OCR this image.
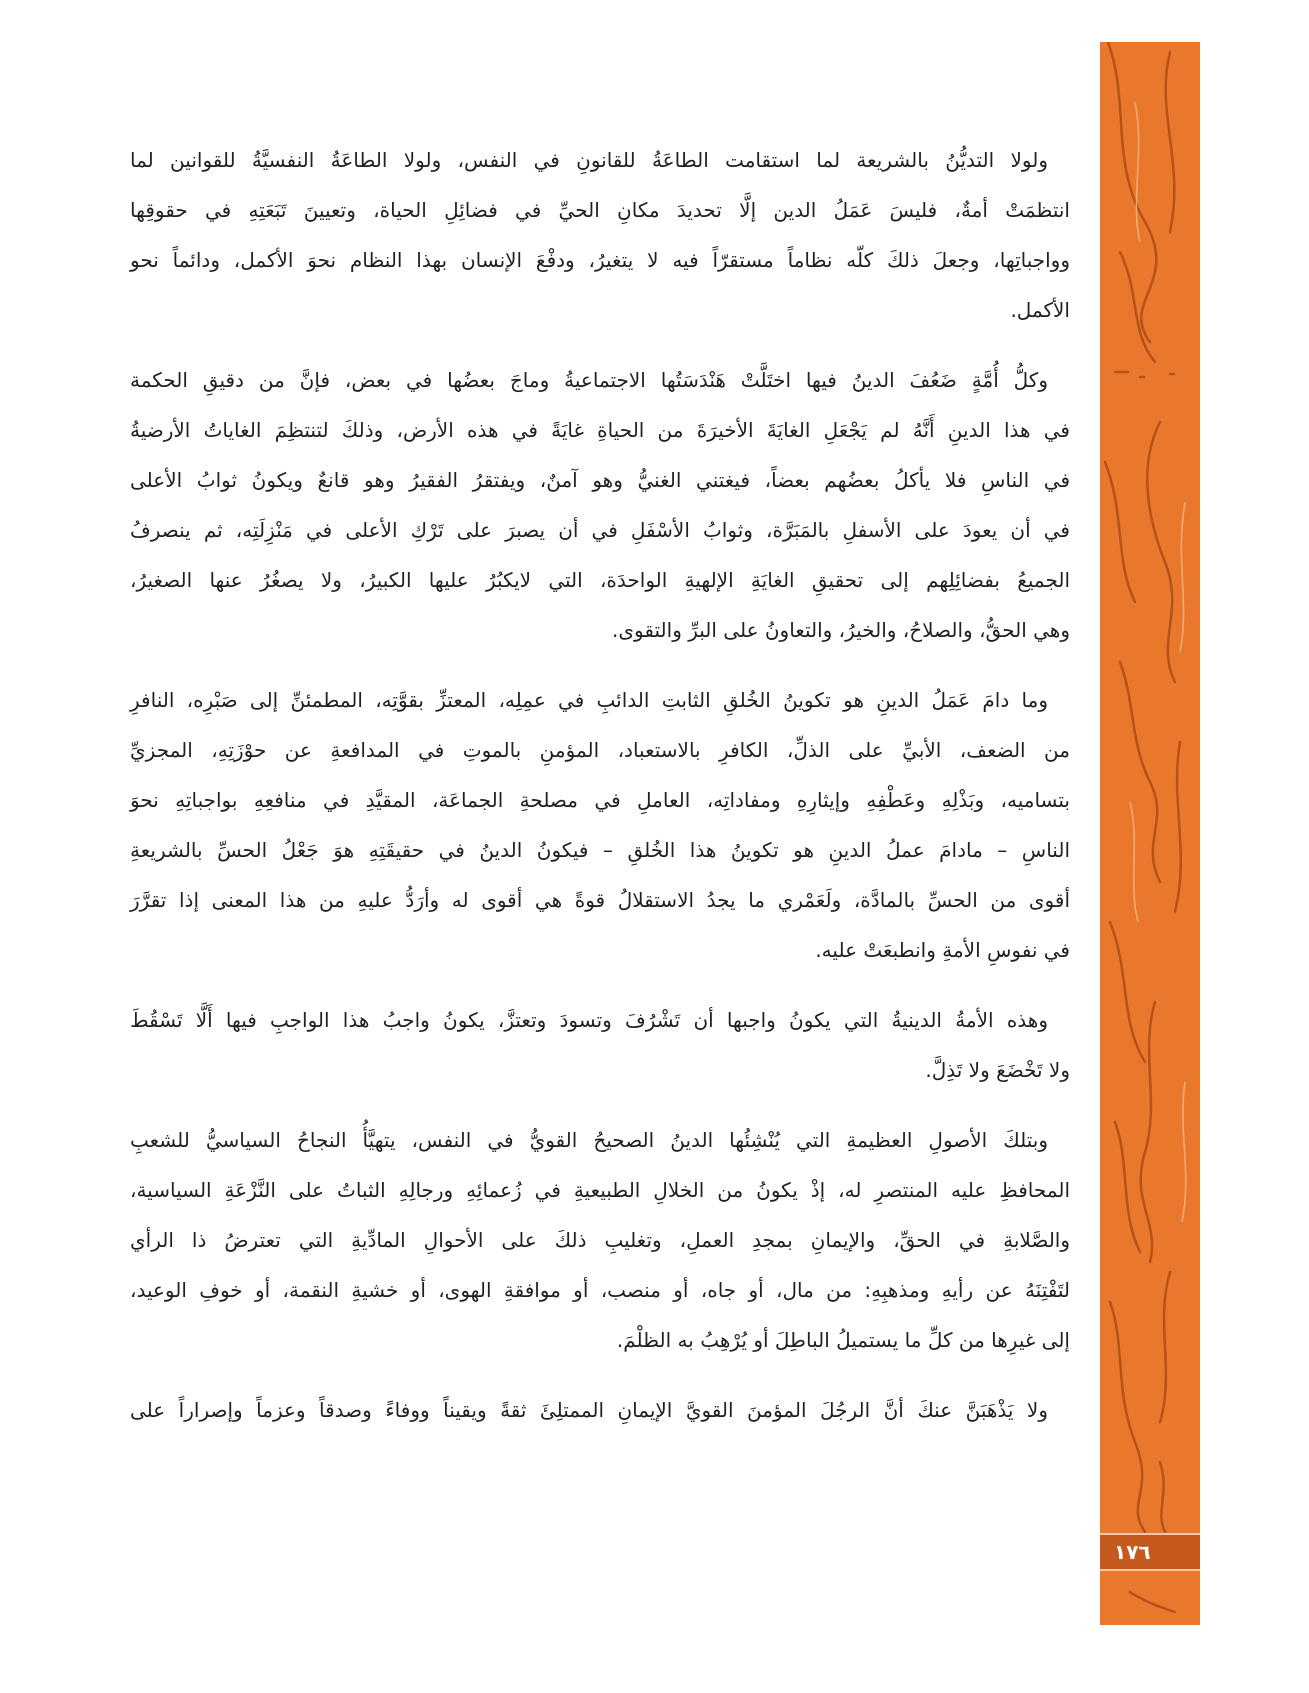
١٧٦
ولولا التديُّنُ بالشريعة لما استقامت الطاعَةُ للقانونِ في النفس، ولولا الطاعَةُ النفسيَّةُ للقوانين لما
انتظمَتْ أمةٌ، فليسَ عَمَلُ الدين إلَّا تحديدَ مكانِ الحيِّ في فضائِلِ الحياة، وتعيينَ تَبَعَتِهِ في حقوقِها
وواجباتِها، وجعلَ ذلكَ كلّه نظاماً مستقرّاً فيه لا يتغيرُ، ودفْعَ الإنسان بهذا النظام نحوَ الأكمل، ودائماً نحو
الأكمل.
وكلُّ أُمَّةٍ ضَعُفَ الدينُ فيها اختَلَّتْ هَنْدَسَتُها الاجتماعيةُ وماجَ بعضُها في بعض، فإنَّ من دقيقِ الحكمة
في هذا الدينِ أَنَّهُ لم يَجْعَلِ الغايَةَ الأخيرَةَ من الحياةِ غايَةً في هذه الأرض، وذلكَ لتنتظِمَ الغاياتُ الأرضيةُ
في الناسِ فلا يأكلُ بعضُهم بعضاً، فيغتني الغنيُّ وهو آمنٌ، ويفتقرُ الفقيرُ وهو قانعٌ ويكونُ ثوابُ الأعلى
في أن يعودَ على الأسفلِ بالمَبَرَّة، وثوابُ الأسْفَلِ في أن يصبرَ على تَرْكِ الأعلى في مَنْزِلَتِه، ثم ينصرفُ
الجميعُ بفضائِلِهم إلى تحقيقِ الغايَةِ الإلهيةِ الواحدَة، التي لايكبُرُ عليها الكبيرُ، ولا يصغُرُ عنها الصغيرُ،
وهي الحقُّ، والصلاحُ، والخيرُ، والتعاونُ على البرِّ والتقوى.
وما دامَ عَمَلُ الدينِ هو تكوينُ الخُلقِ الثابتِ الدائبِ في عمِلِه، المعتزِّ بقوَّتِه، المطمئنِّ إلى صَبْرِه، النافرِ
من الضعف، الأبيِّ على الذلِّ، الكافرِ بالاستعباد، المؤمنِ بالموتِ في المدافعةِ عن حوْزَتِهِ، المجزيِّ
بتساميه، وبَذْلِهِ وعَطْفِهِ وإيثارِهِ ومفاداتِه، العاملِ في مصلحةِ الجماعَة، المقيَّدِ في منافعِهِ بواجباتِهِ نحوَ
الناسِ – مادامَ عملُ الدينِ هو تكوينُ هذا الخُلقِ – فيكونُ الدينُ في حقيقَتِهِ هوَ جَعْلُ الحسِّ بالشريعةِ
أقوى من الحسِّ بالمادَّة، ولَعَمْري ما يجدُ الاستقلالُ قوةً هي أقوى له وأرَدُّ عليهِ من هذا المعنى إذا تقرَّرَ
في نفوسِ الأمةِ وانطبعَتْ عليه.
وهذه الأمةُ الدينيةُ التي يكونُ واجبها أن تَشْرُفَ وتسودَ وتعتزَّ، يكونُ واجبُ هذا الواجبِ فيها أَلَّا تَسْقُطَ
ولا تَخْضَعَ ولا تَذِلَّ.
وبتلكَ الأصولِ العظيمةِ التي يُنْشِئُها الدينُ الصحيحُ القويُّ في النفس، يتهيَّأُ النجاحُ السياسيُّ للشعبِ
المحافظِ عليه المنتصرِ له، إذْ يكونُ من الخلالِ الطبيعيةِ في زُعمائِهِ ورجالِهِ الثباتُ على النَّزْعَةِ السياسية،
والصَّلابةِ في الحقِّ، والإيمانِ بمجدِ العملِ، وتغليبِ ذلكَ على الأحوالِ المادِّيةِ التي تعترضُ ذا الرأي
لتَفْتِنَهُ عن رأيهِ ومذهبِهِ: من مال، أو جاه، أو منصب، أو موافقةِ الهوى، أو خشيةِ النقمة، أو خوفِ الوعيد،
إلى غيرِها من كلِّ ما يستميلُ الباطِلَ أو يُرْهِبُ به الظلْمَ.
ولا يَذْهَبَنَّ عنكَ أنَّ الرجُلَ المؤمنَ القويَّ الإيمانِ الممتلِئَ ثقةً ويقيناً ووفاءً وصدقاً وعزماً وإصراراً على
